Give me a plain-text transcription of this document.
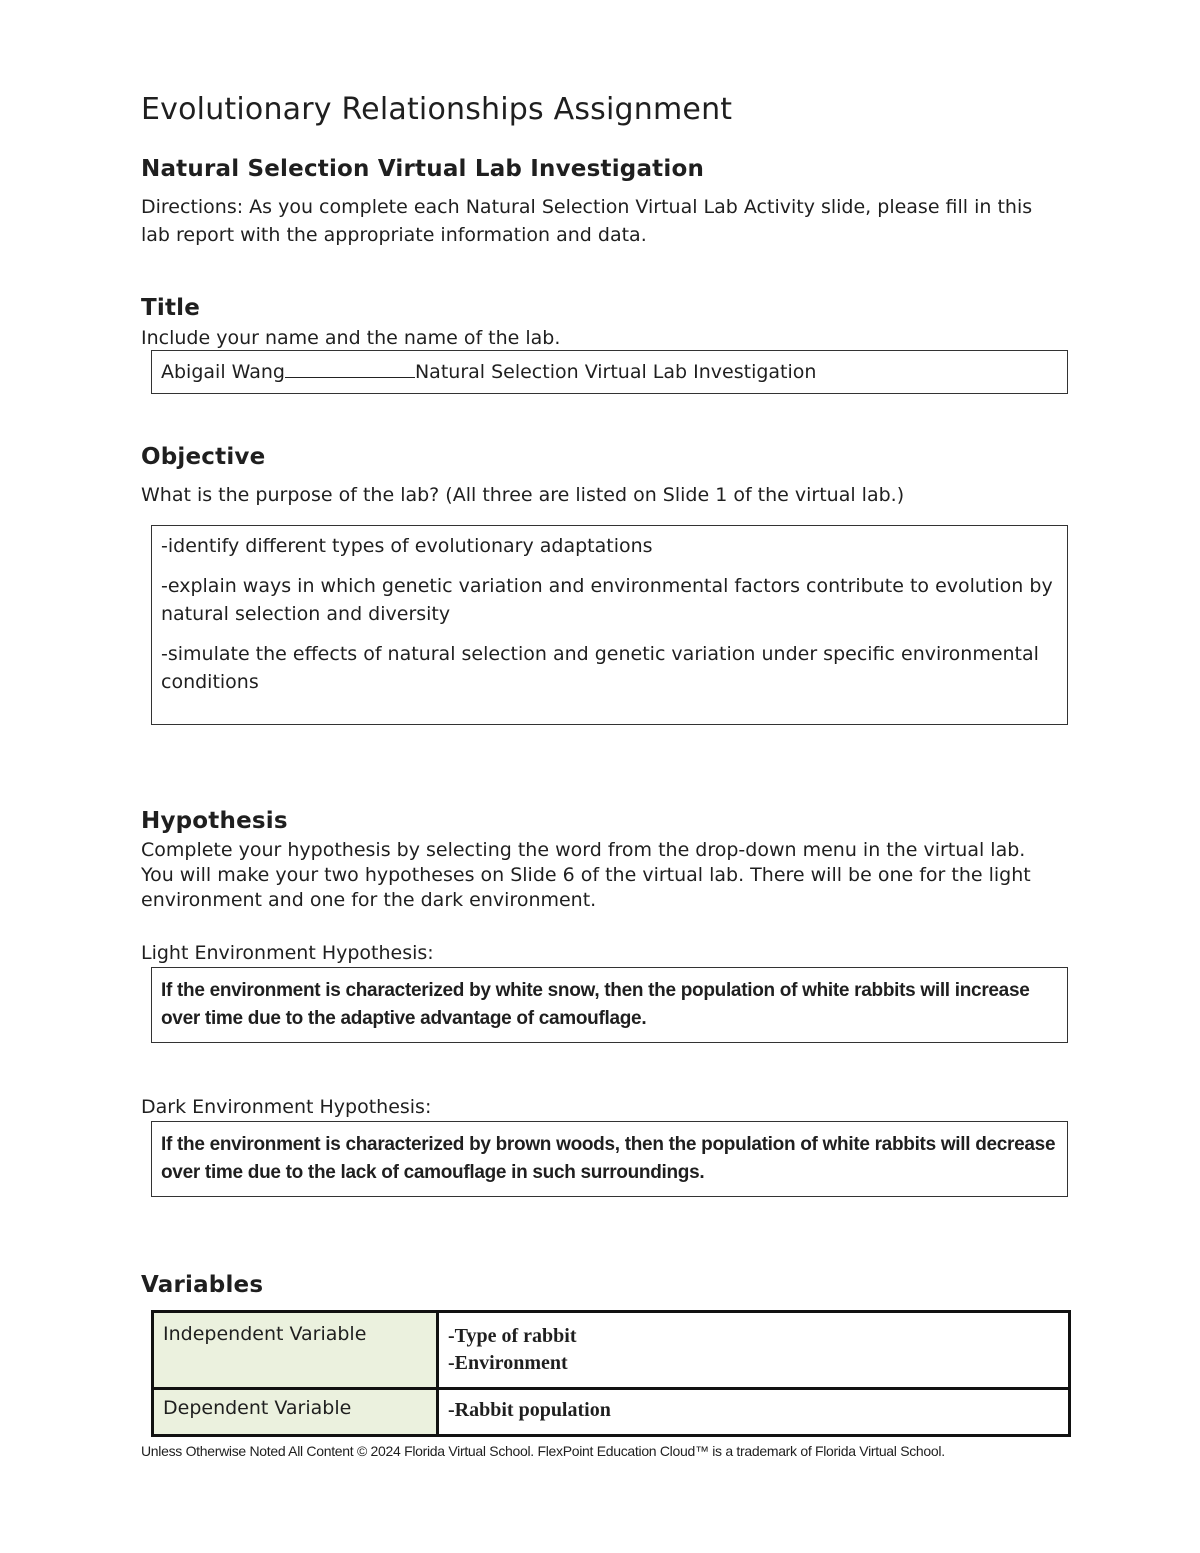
Evolutionary Relationships Assignment
Natural Selection Virtual Lab Investigation

Directions: As you complete each Natural Selection Virtual Lab Activity slide, please fill in this lab report with the appropriate information and data.

Title

Include your name and the name of the lab.

Abigail Wang	Natural Selection Virtual Lab Investigation
Objective

What is the purpose of the lab? (All three are listed on Slide 1 of the virtual lab.)

-identify different types of evolutionary adaptations

-explain ways in which genetic variation and environmental factors contribute to evolution by natural selection and diversity

-simulate the effects of natural selection and genetic variation under specific environmental conditions

Hypothesis

Complete your hypothesis by selecting the word from the drop-down menu in the virtual lab. You will make your two hypotheses on Slide 6 of the virtual lab. There will be one for the light environment and one for the dark environment.

Light Environment Hypothesis:

If the environment is characterized by white snow, then the population of white rabbits will increase over time due to the adaptive advantage of camouflage.

Dark Environment Hypothesis:

If the environment is characterized by brown woods, then the population of white rabbits will decrease over time due to the lack of camouflage in such surroundings.
Variables
Independent Variable	-Type of rabbit
-Environment

Dependent Variable	-Rabbit population
Unless Otherwise Noted All Content © 2024 Florida Virtual School. FlexPoint Education Cloud™ is a trademark of Florida Virtual School.
